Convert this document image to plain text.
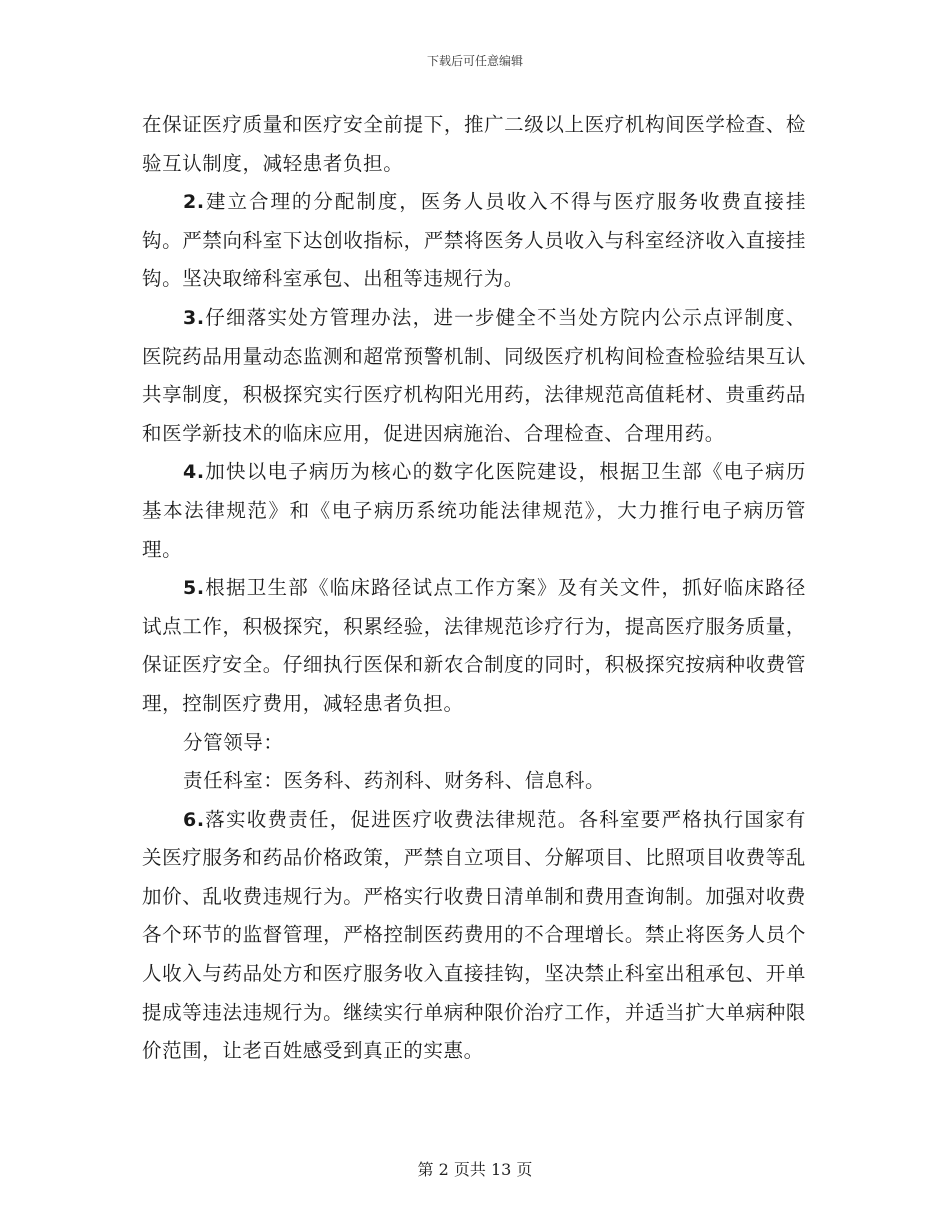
下载后可任意编辑

在保证医疗质量和医疗安全前提下，推广二级以上医疗机构间医学检查、检验互认制度，减轻患者负担。

2.建立合理的分配制度，医务人员收入不得与医疗服务收费直接挂钩。严禁向科室下达创收指标，严禁将医务人员收入与科室经济收入直接挂钩。坚决取缔科室承包、出租等违规行为。

3.仔细落实处方管理办法，进一步健全不当处方院内公示点评制度、医院药品用量动态监测和超常预警机制、同级医疗机构间检查检验结果互认共享制度，积极探究实行医疗机构阳光用药，法律规范高值耗材、贵重药品和医学新技术的临床应用，促进因病施治、合理检查、合理用药。

4.加快以电子病历为核心的数字化医院建设，根据卫生部《电子病历基本法律规范》和《电子病历系统功能法律规范》，大力推行电子病历管理。

5.根据卫生部《临床路径试点工作方案》及有关文件，抓好临床路径试点工作，积极探究，积累经验，法律规范诊疗行为，提高医疗服务质量，保证医疗安全。仔细执行医保和新农合制度的同时，积极探究按病种收费管理，控制医疗费用，减轻患者负担。

分管领导：

责任科室：医务科、药剂科、财务科、信息科。

6.落实收费责任，促进医疗收费法律规范。各科室要严格执行国家有关医疗服务和药品价格政策，严禁自立项目、分解项目、比照项目收费等乱加价、乱收费违规行为。严格实行收费日清单制和费用查询制。加强对收费各个环节的监督管理，严格控制医药费用的不合理增长。禁止将医务人员个人收入与药品处方和医疗服务收入直接挂钩，坚决禁止科室出租承包、开单提成等违法违规行为。继续实行单病种限价治疗工作，并适当扩大单病种限价范围，让老百姓感受到真正的实惠。

第 2 页共 13 页
